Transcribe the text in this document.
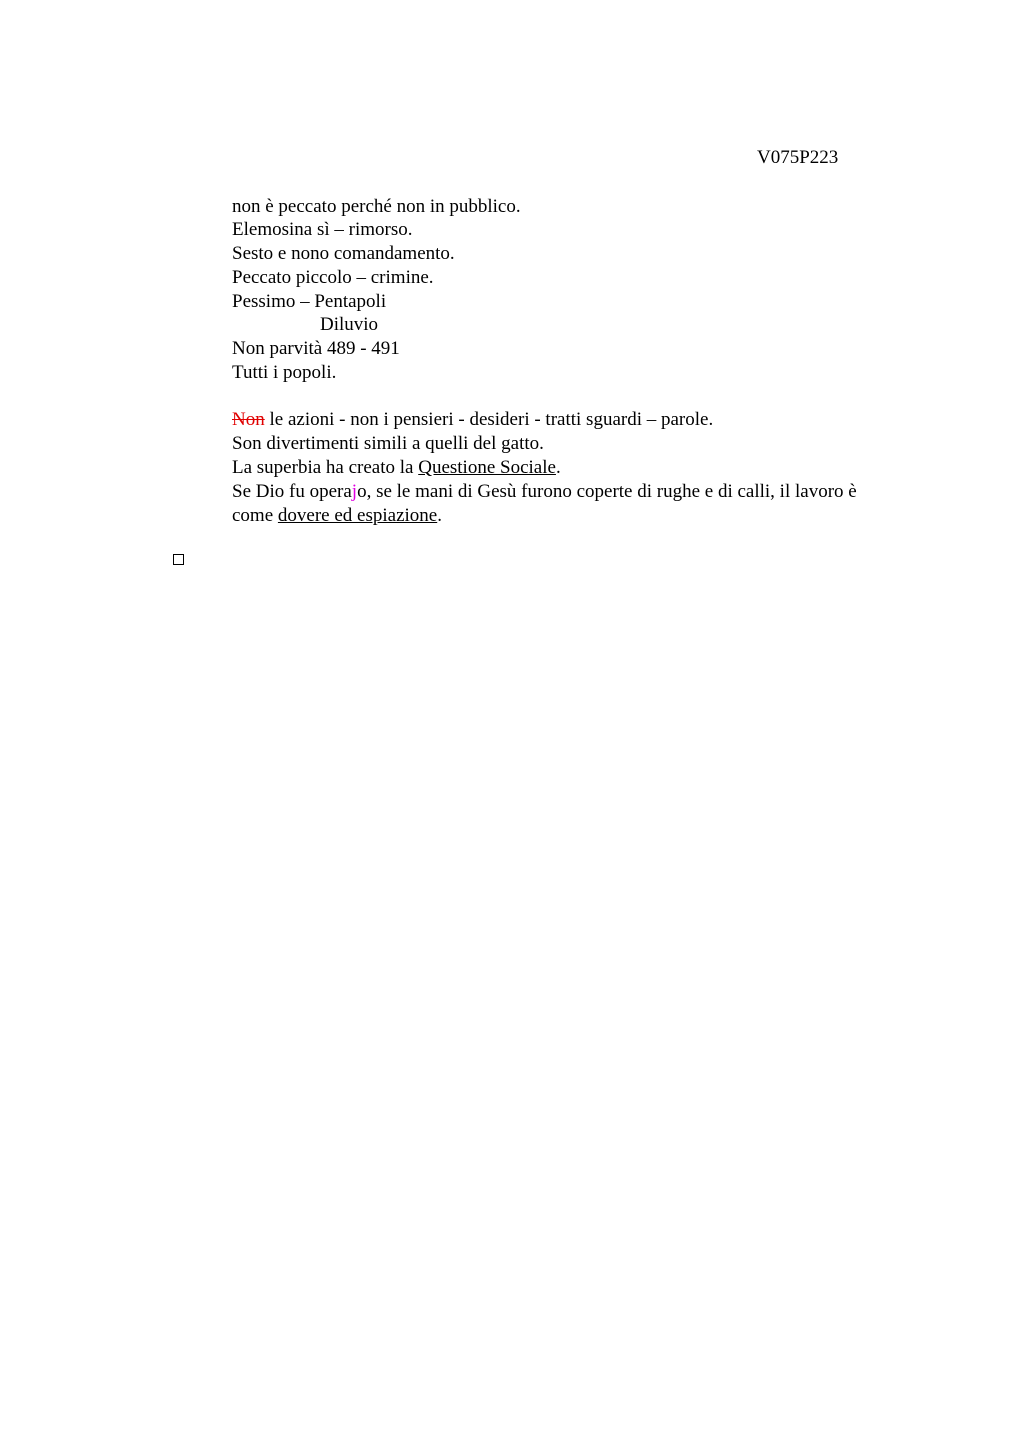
V075P223
non è peccato perché non in pubblico.
Elemosina sì – rimorso.
Sesto e nono comandamento.
Peccato piccolo – crimine.
Pessimo – Pentapoli
Diluvio
Non parvità 489 - 491
Tutti i popoli.
Non le azioni - non i pensieri - desideri - tratti sguardi – parole.
Son divertimenti simili a quelli del gatto.
La superbia ha creato la Questione Sociale.
Se Dio fu operajo, se le mani di Gesù furono coperte di rughe e di calli, il lavoro è
come dovere ed espiazione.
